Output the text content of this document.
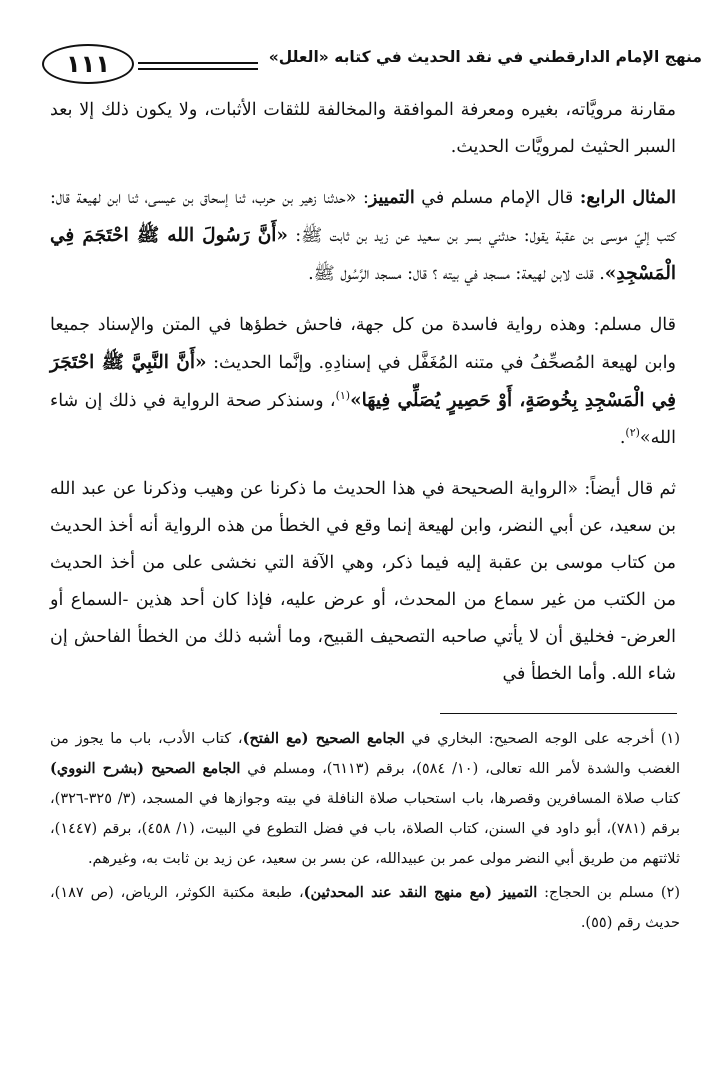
١١١	منهج الإمام الدارقطني في نقد الحديث في كتابه «العلل»

مقارنة مرويَّاته، بغيره ومعرفة الموافقة والمخالفة للثقات الأثبات، ولا يكون ذلك إلا بعد السبر الحثيث لمرويَّات الحديث.

المثال الرابع: قال الإمام مسلم في التمييز: «حدثنا زهير بن حرب، ثنا إسحاق بن عيسى، ثنا ابن لهيعة قال: كتب إليّ موسى بن عقبة يقول: حدثني بسر بن سعيد عن زيد بن ثابت ﷺ: «أَنَّ رَسُولَ الله ﷺ احْتَجَمَ فِي الْمَسْجِدِ». قلت لابن لهيعة: مسجد في بيته ؟ قال: مسجد الرَّسُول ﷺ.

قال مسلم: وهذه رواية فاسدة من كل جهة، فاحش خطؤها في المتن والإسناد جميعا وابن لهيعة المُصحِّفُ في متنه المُغَفَّل في إسنادِهِ. وإنَّما الحديث: «أَنَّ النَّبِيَّ ﷺ احْتَجَرَ فِي الْمَسْجِدِ بِخُوصَةٍ، أَوْ حَصِيرٍ يُصَلِّي فِيهَا»$^{(١)}$، وسنذكر صحة الرواية في ذلك إن شاء الله»$^{(٢)}$.

ثم قال أيضاً: «الرواية الصحيحة في هذا الحديث ما ذكرنا عن وهيب وذكرنا عن عبد الله بن سعيد، عن أبي النضر، وابن لهيعة إنما وقع في الخطأ من هذه الرواية أنه أخذ الحديث من كتاب موسى بن عقبة إليه فيما ذكر، وهي الآفة التي نخشى على من أخذ الحديث من الكتب من غير سماع من المحدث، أو عرض عليه، فإذا كان أحد هذين -السماع أو العرض- فخليق أن لا يأتي صاحبه التصحيف القبيح، وما أشبه ذلك من الخطأ الفاحش إن شاء الله. وأما الخطأ في

(١) أخرجه على الوجه الصحيح: البخاري في الجامع الصحيح (مع الفتح)، كتاب الأدب، باب ما يجوز من الغضب والشدة لأمر الله تعالى، (١٠/ ٥٨٤)، برقم (٦١١٣)، ومسلم في الجامع الصحيح (بشرح النووي) كتاب صلاة المسافرين وقصرها، باب استحباب صلاة النافلة في بيته وجوازها في المسجد، (٣/ ٣٢٥-٣٢٦)، برقم (٧٨١)، أبو داود في السنن، كتاب الصلاة، باب في فضل التطوع في البيت، (١/ ٤٥٨)، برقم (١٤٤٧)، ثلاثتهم من طريق أبي النضر مولى عمر بن عبيدالله، عن بسر بن سعيد، عن زيد بن ثابت به، وغيرهم.

(٢) مسلم بن الحجاج: التمييز (مع منهج النقد عند المحدثين)، طبعة مكتبة الكوثر، الرياض، (ص ١٨٧)، حديث رقم (٥٥).
